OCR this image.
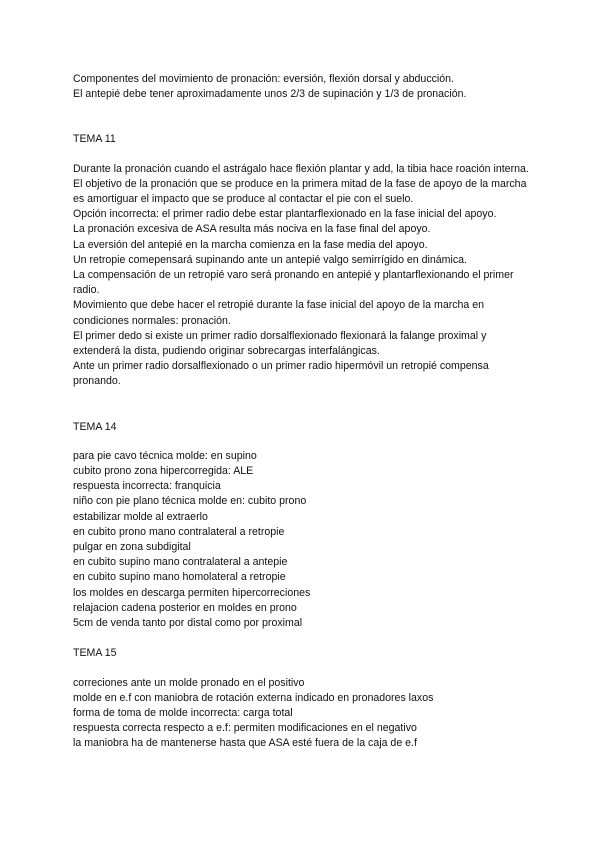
Componentes del movimiento de pronación: eversión, flexión dorsal y abducción.

El antepié debe tener aproximadamente unos 2/3 de supinación y 1/3 de pronación.

TEMA 11

Durante la pronación cuando el astrágalo hace flexión plantar y add, la tibia hace roación interna.

El objetivo de la pronación que se produce en la primera mitad de la fase de apoyo de la marcha es amortiguar el impacto que se produce al contactar el pie con el suelo.

Opción incorrecta: el primer radio debe estar plantarflexionado en la fase inicial del apoyo.

La pronación excesiva de ASA resulta más nociva en la fase final del apoyo.

La eversión del antepié en la marcha comienza en la fase media del apoyo.

Un retropie comepensará supinando ante un antepié valgo semirrígido en dinámica.

La compensación de un retropié varo será pronando en antepié y plantarflexionando el primer radio.

Movimiento que debe hacer el retropié durante la fase inicial del apoyo de la marcha en condiciones normales: pronación.

El primer dedo si existe un primer radio dorsalflexionado flexionará la falange proximal y extenderá la dista, pudiendo originar sobrecargas interfalángicas.

Ante un primer radio dorsalflexionado o un primer radio hipermóvil un retropié compensa pronando.

TEMA 14

para pie cavo técnica molde: en supino

cubito prono zona hipercorregida: ALE

respuesta incorrecta: franquicia

niño con pie plano técnica molde en: cubito prono

estabilizar molde al extraerlo

en cubito prono mano contralateral a retropie

pulgar en zona subdigital

en cubito supino mano contralateral a antepie

en cubito supino mano homolateral a retropie

los moldes en descarga permiten hipercorreciones

relajacion cadena posterior en moldes en prono

5cm de venda tanto por distal como por proximal

TEMA 15

correciones ante un molde pronado en el positivo

molde en e.f con maniobra de rotación externa indicado en pronadores laxos

forma de toma de molde incorrecta: carga total

respuesta correcta respecto a e.f: permiten modificaciones en el negativo

la maniobra ha de mantenerse hasta que ASA esté fuera de la caja de e.f
